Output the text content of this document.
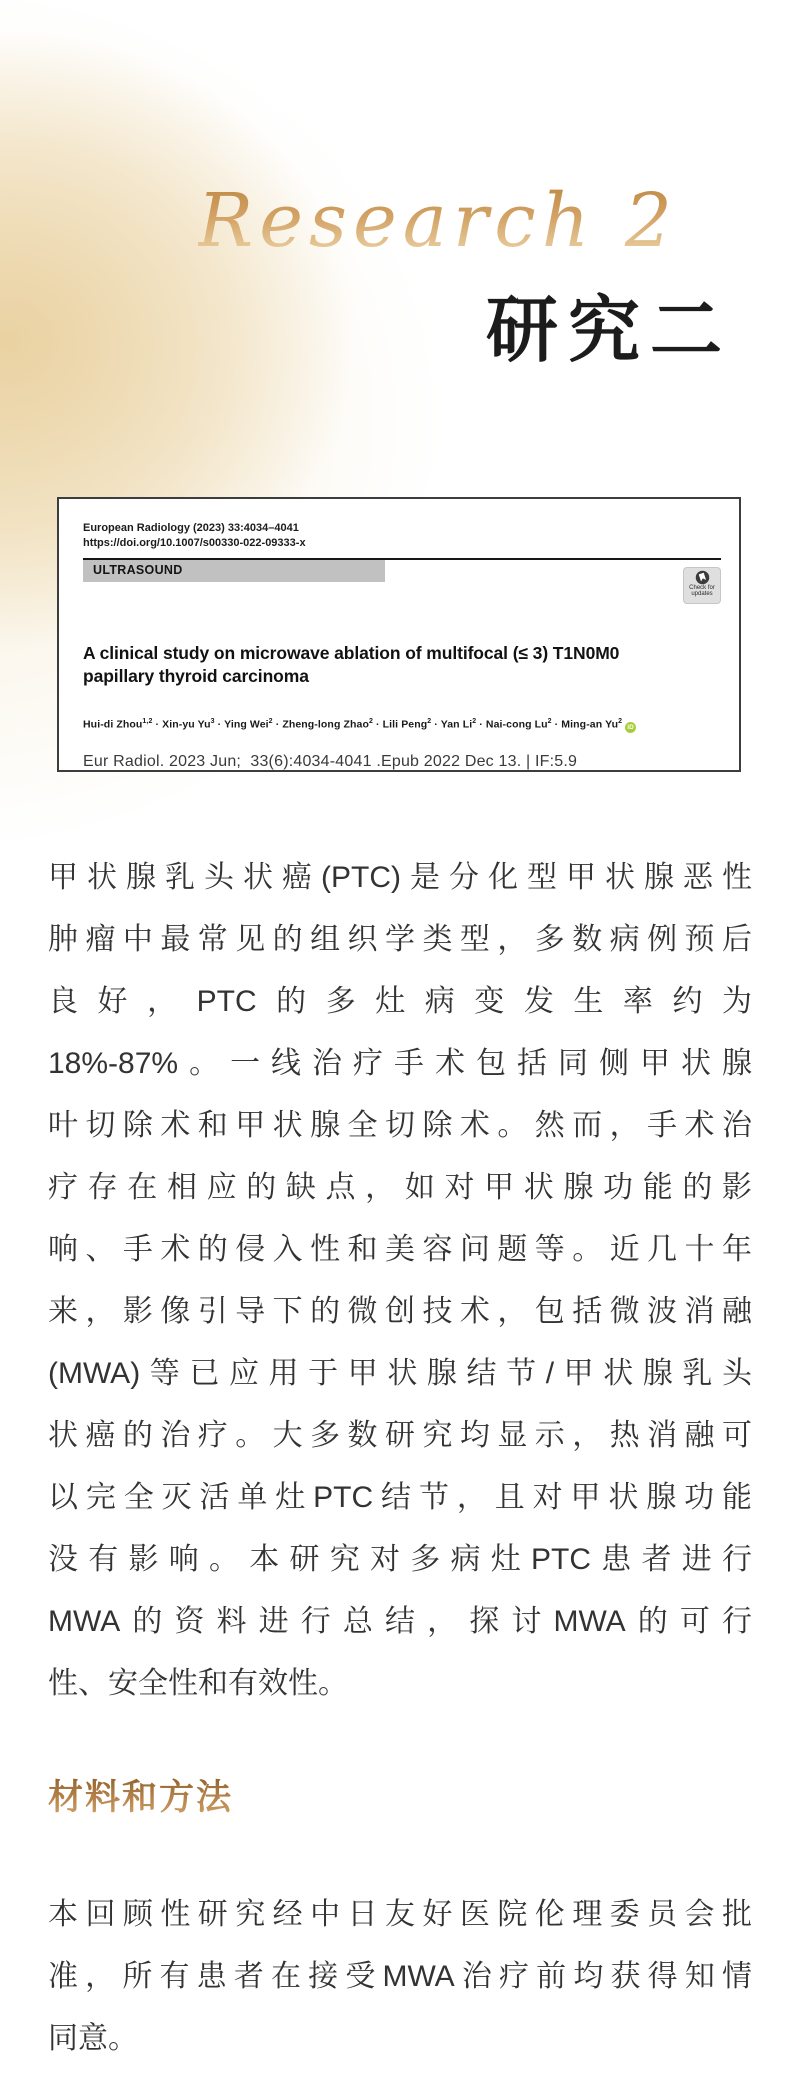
Research 2
研究二
European Radiology (2023) 33:4034–4041
https://doi.org/10.1007/s00330-022-09333-x
ULTRASOUND
Check for
updates
A clinical study on microwave ablation of multifocal (≤ 3) T1N0M0 papillary thyroid carcinoma
Hui-di Zhou$^{1,2}$ · Xin-yu $Yu^3$ · Ying Wei$^2$ · Zheng-long Zhao$^2$ · Lili Peng$^2$ · Yan $Li^2$ · Nai-cong $Lu^2$ · Ming-an Yu$^2$iD
Eur Radiol. 2023 Jun;  33(6):4034-4041 .Epub 2022 Dec 13. | IF:5.9
甲状腺乳头状癌(PTC)是分化型甲状腺恶性
肿瘤中最常见的组织学类型，多数病例预后
良好，PTC的多灶病变发生率约为
18%-87%。一线治疗手术包括同侧甲状腺
叶切除术和甲状腺全切除术。然而，手术治
疗存在相应的缺点，如对甲状腺功能的影
响、手术的侵入性和美容问题等。近几十年
来，影像引导下的微创技术，包括微波消融
(MWA)等已应用于甲状腺结节/甲状腺乳头
状癌的治疗。大多数研究均显示，热消融可
以完全灭活单灶PTC结节，且对甲状腺功能
没有影响。本研究对多病灶PTC患者进行
MWA的资料进行总结，探讨MWA的可行
性、安全性和有效性。
材料和方法
本回顾性研究经中日友好医院伦理委员会批
准，所有患者在接受MWA治疗前均获得知情
同意。
